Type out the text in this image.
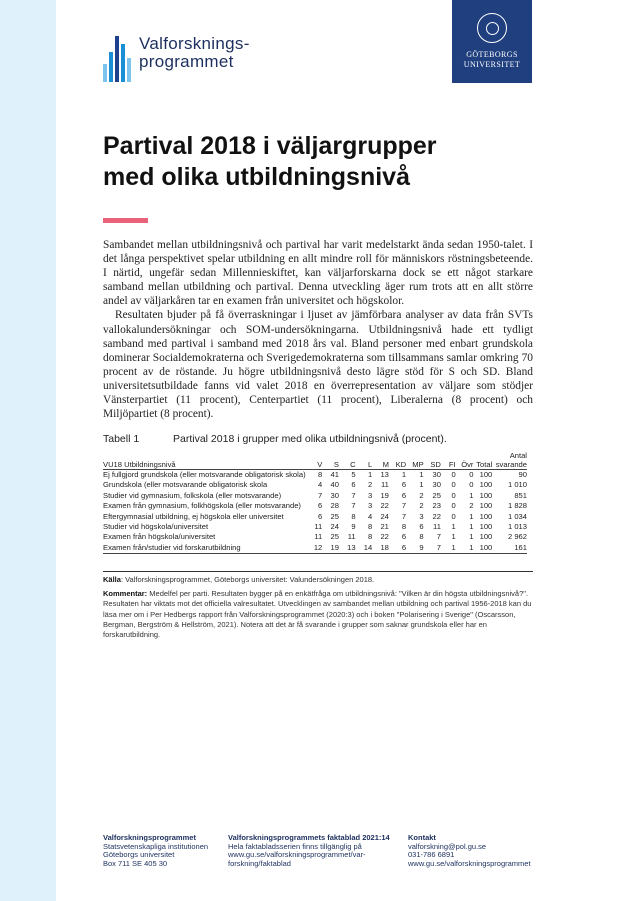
Valforsknings-
programmet	GÖTEBORGS
UNIVERSITET
Partival 2018 i väljargrupper
med olika utbildningsnivå

Sambandet mellan utbildningsnivå och partival har varit medelstarkt ända sedan 1950-talet. I det långa perspektivet spelar utbildning en allt mindre roll för människors röstningsbeteende. I närtid, ungefär sedan Millennieskiftet, kan väljarforskarna dock se ett något starkare samband mellan utbildning och partival. Denna utveckling äger rum trots att en allt större andel av väljarkåren tar en examen från universitet och högskolor.

Resultaten bjuder på få överraskningar i ljuset av jämförbara analyser av data från SVTs vallokalundersökningar och SOM-undersökningarna. Utbildningsnivå hade ett tydligt samband med partival i samband med 2018 års val. Bland personer med enbart grundskola dominerar Socialdemokraterna och Sverigedemokraterna som tillsammans samlar omkring 70 procent av de röstande. Ju högre utbildningsnivå desto lägre stöd för S och SD. Bland universitetsutbildade fanns vid valet 2018 en överrepresentation av väljare som stödjer Vänsterpartiet (11 procent), Centerpartiet (11 procent), Liberalerna (8 procent) och Miljöpartiet (8 procent).

Tabell 1	Partival 2018 i grupper med olika utbildningsnivå (procent).
												Antal
VU18 Utbildningsnivå	V	S	C	L	M	KD	MP	SD	FI	Övr	Total	svarande
Ej fullgjord grundskola (eller motsvarande obligatorisk skola)	8	41	5	1	13	1	1	30	0	0	100	90
Grundskola (eller motsvarande obligatorisk skola	4	40	6	2	11	6	1	30	0	0	100	1 010
Studier vid gymnasium, folkskola (eller motsvarande)	7	30	7	3	19	6	2	25	0	1	100	851
Examen från gymnasium, folkhögskola (eller motsvarande)	6	28	7	3	22	7	2	23	0	2	100	1 828
Eftergymnasial utbildning, ej högskola eller universitet	6	25	8	4	24	7	3	22	0	1	100	1 034
Studier vid högskola/universitet	11	24	9	8	21	8	6	11	1	1	100	1 013
Examen från högskola/universitet	11	25	11	8	22	6	8	7	1	1	100	2 962
Examen från/studier vid forskarutbildning	12	19	13	14	18	6	9	7	1	1	100	161

Källa: Valforskningsprogrammet, Göteborgs universitet: Valundersökningen 2018.

Kommentar: Medelfel per parti. Resultaten bygger på en enkätfråga om utbildningsnivå: "Vilken är din högsta utbildningsnivå?". Resultaten har viktats mot det officiella valresultatet. Utvecklingen av sambandet mellan utbildning och partival 1956-2018 kan du läsa mer om i Per Hedbergs rapport från Valforskningsprogrammet (2020:3) och i boken "Polarisering i Sverige" (Oscarsson, Bergman, Bergström & Hellström, 2021). Notera att det är få svarande i grupper som saknar grundskola eller har en forskarutbildning.

Valforskningsprogrammet
Statsvetenskapliga institutionen
Göteborgs universitet
Box 711 SE 405 30
Valforskningsprogrammets faktablad 2021:14
Hela faktabladsserien finns tillgänglig på
www.gu.se/valforskningsprogrammet/var-
forskning/faktablad
Kontakt
valforskning@pol.gu.se
031-786 6891
www.gu.se/valforskningsprogrammet
